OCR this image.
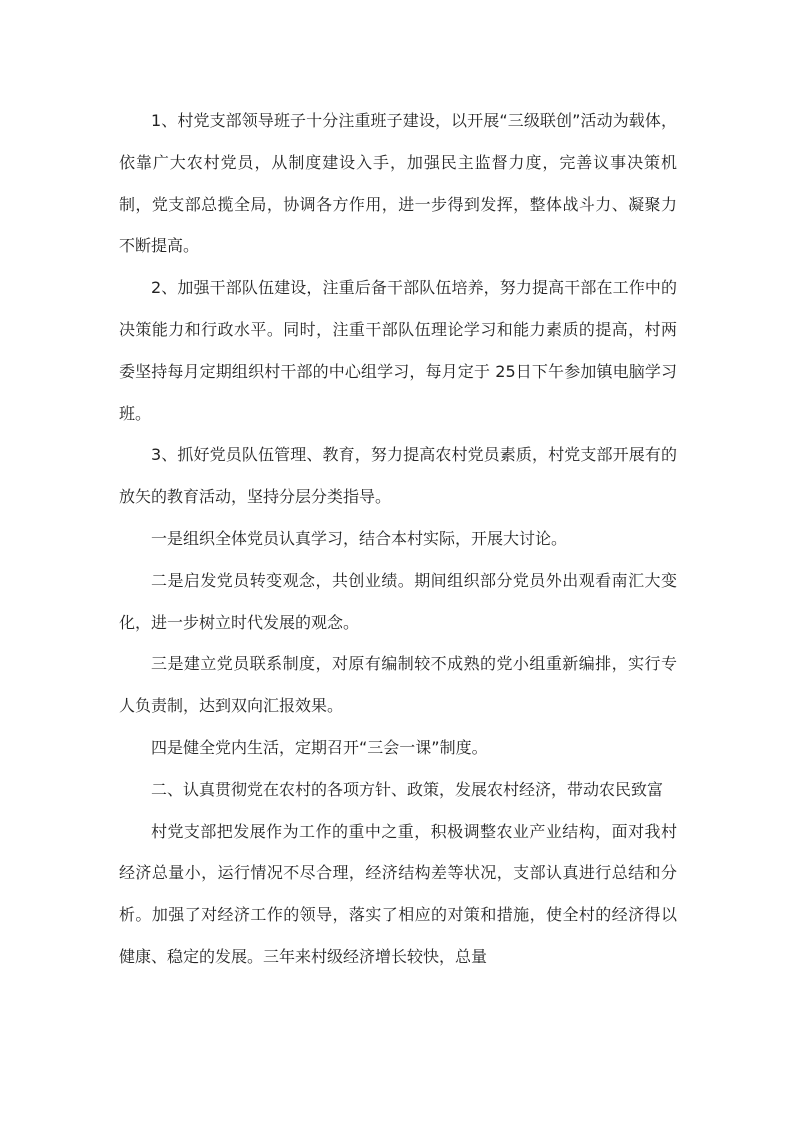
1、村党支部领导班子十分注重班子建设，以开展“三级联创”活动为载体，依靠广大农村党员，从制度建设入手，加强民主监督力度，完善议事决策机制，党支部总揽全局，协调各方作用，进一步得到发挥，整体战斗力、凝聚力不断提高。

2、加强干部队伍建设，注重后备干部队伍培养，努力提高干部在工作中的决策能力和行政水平。同时，注重干部队伍理论学习和能力素质的提高，村两委坚持每月定期组织村干部的中心组学习，每月定于 25日下午参加镇电脑学习班。

3、抓好党员队伍管理、教育，努力提高农村党员素质，村党支部开展有的放矢的教育活动，坚持分层分类指导。

一是组织全体党员认真学习，结合本村实际，开展大讨论。

二是启发党员转变观念，共创业绩。期间组织部分党员外出观看南汇大变化，进一步树立时代发展的观念。

三是建立党员联系制度，对原有编制较不成熟的党小组重新编排，实行专人负责制，达到双向汇报效果。

四是健全党内生活，定期召开“三会一课”制度。

二、认真贯彻党在农村的各项方针、政策，发展农村经济，带动农民致富

村党支部把发展作为工作的重中之重，积极调整农业产业结构，面对我村经济总量小，运行情况不尽合理，经济结构差等状况，支部认真进行总结和分析。加强了对经济工作的领导，落实了相应的对策和措施，使全村的经济得以健康、稳定的发展。三年来村级经济增长较快，总量
